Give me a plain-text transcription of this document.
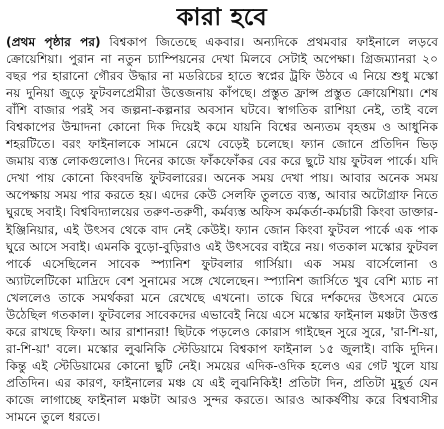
কারা হবে

(প্রথম পৃষ্ঠার পর) বিশ্বকাপ জিতেছে একবার। অন্যদিকে প্রথমবার ফাইনালে লড়বে ক্রোয়েশিয়া। পুরান না নতুন চ্যাম্পিয়নের দেখা মিলবে সেটাই অপেক্ষা। গ্রিজম্যানরা ২০ বছর পর হারানো গৌরব উদ্ধার না মডরিচের হাতে স্বপ্নের ট্রফি উঠবে এ নিয়ে শুধু মস্কো নয় দুনিয়া জুড়ে ফুটবলপ্রেমীরা উত্তেজনায় কাঁপছে। প্রস্তুত ফ্রান্স প্রস্তুত ক্রোয়েশিয়া। শেষ বাঁশি বাজার পরই সব জল্পনা-কল্পনার অবসান ঘটবে। স্বাগতিক রাশিয়া নেই, তাই বলে বিশ্বকাপের উন্মাদনা কোনো দিক দিয়েই কমে যায়নি বিশ্বের অন্যতম বৃহত্তম ও আধুনিক শহরটিতে। বরং ফাইনালকে সামনে রেখে বেড়েই চলেছে। ফ্যান জোনে প্রতিদিন ভিড় জমায় ব্যস্ত লোকগুলোও। দিনের কাজে ফাঁকফোঁকর বের করে ছুটে যায় ফুটবল পার্কে। যদি দেখা পায় কোনো কিংবদন্তি ফুটবলারের। অনেক সময় দেখা পায়। আবার অনেক সময় অপেক্ষায় সময় পার করতে হয়। এদের কেউ সেলফি তুলতে ব্যস্ত, আবার অটোগ্রাফ নিতে ঘুরছে সবাই। বিশ্ববিদ্যালয়ের তরুণ-তরুণী, কর্মব্যস্ত অফিস কর্মকর্তা-কর্মচারী কিংবা ডাক্তার-ইঞ্জিনিয়ার, এই উৎসব থেকে বাদ নেই কেউই। ফ্যান জোন কিংবা ফুটবল পার্কে এক পাক ঘুরে আসে সবাই। এমনকি বুড়ো-বুড়িরাও এই উৎসবের বাইরে নয়। গতকাল মস্কোর ফুটবল পার্কে এসেছিলেন সাবেক স্প্যানিশ ফুটবলার গার্সিয়া। এক সময় বার্সেলোনা ও অ্যাটলেটিকো মাদ্রিদে বেশ সুনামের সঙ্গে খেলেছেন। স্প্যানিশ জার্সিতে খুব বেশি ম্যাচ না খেললেও তাকে সমর্থকরা মনে রেখেছে এখনো। তাকে ঘিরে দর্শকদের উৎসবে মেতে উঠেছিল গতকাল। ফুটবলের সাবেকদের এভাবেই নিয়ে এসে মস্কোর ফাইনাল মঞ্চটা উত্তপ্ত করে রাখছে ফিফা। আর রাশানরা! ছিটকে পড়লেও কোরাস গাইছেন সুরে সুরে, 'রা-শি-য়া, রা-শি-য়া' বলে। মস্কোর লুঝনিকি স্টেডিয়ামে বিশ্বকাপ ফাইনাল ১৫ জুলাই। বাকি দুদিন। কিন্তু এই স্টেডিয়ামের কোনো ছুটি নেই। সময়ের এদিক-ওদিক হলেও এর গেট খুলে যায় প্রতিদিন। এর কারণ, ফাইনালের মঞ্চ যে এই লুঝনিকিই! প্রতিটা দিন, প্রতিটা মুহূর্ত যেন কাজে লাগাচ্ছে ফাইনাল মঞ্চটা আরও সুন্দর করতে। আরও আকর্ষণীয় করে বিশ্ববাসীর সামনে তুলে ধরতে।
